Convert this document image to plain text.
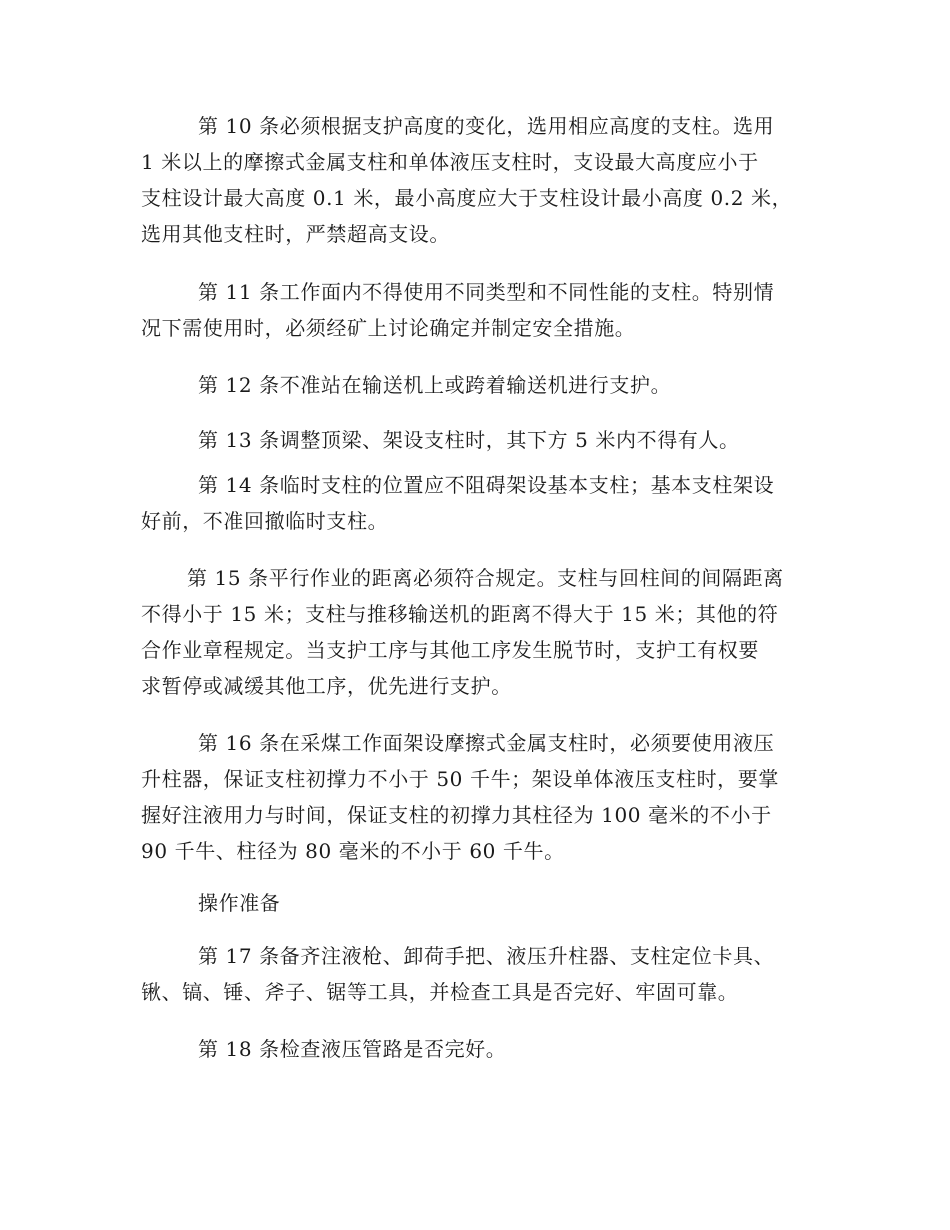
第 10 条必须根据支护高度的变化，选用相应高度的支柱。选用
1 米以上的摩擦式金属支柱和单体液压支柱时，支设最大高度应小于
支柱设计最大高度 0.1 米，最小高度应大于支柱设计最小高度 0.2 米，
选用其他支柱时，严禁超高支设。

第 11 条工作面内不得使用不同类型和不同性能的支柱。特别情
况下需使用时，必须经矿上讨论确定并制定安全措施。

第 12 条不准站在输送机上或跨着输送机进行支护。

第 13 条调整顶梁、架设支柱时，其下方 5 米内不得有人。

第 14 条临时支柱的位置应不阻碍架设基本支柱；基本支柱架设
好前，不准回撤临时支柱。

第 15 条平行作业的距离必须符合规定。支柱与回柱间的间隔距离
不得小于 15 米；支柱与推移输送机的距离不得大于 15 米；其他的符
合作业章程规定。当支护工序与其他工序发生脱节时，支护工有权要
求暂停或减缓其他工序，优先进行支护。

第 16 条在采煤工作面架设摩擦式金属支柱时，必须要使用液压
升柱器，保证支柱初撑力不小于 50 千牛；架设单体液压支柱时，要掌
握好注液用力与时间，保证支柱的初撑力其柱径为 100 毫米的不小于
90 千牛、柱径为 80 毫米的不小于 60 千牛。

操作准备

第 17 条备齐注液枪、卸荷手把、液压升柱器、支柱定位卡具、
锹、镐、锤、斧子、锯等工具，并检查工具是否完好、牢固可靠。

第 18 条检查液压管路是否完好。
